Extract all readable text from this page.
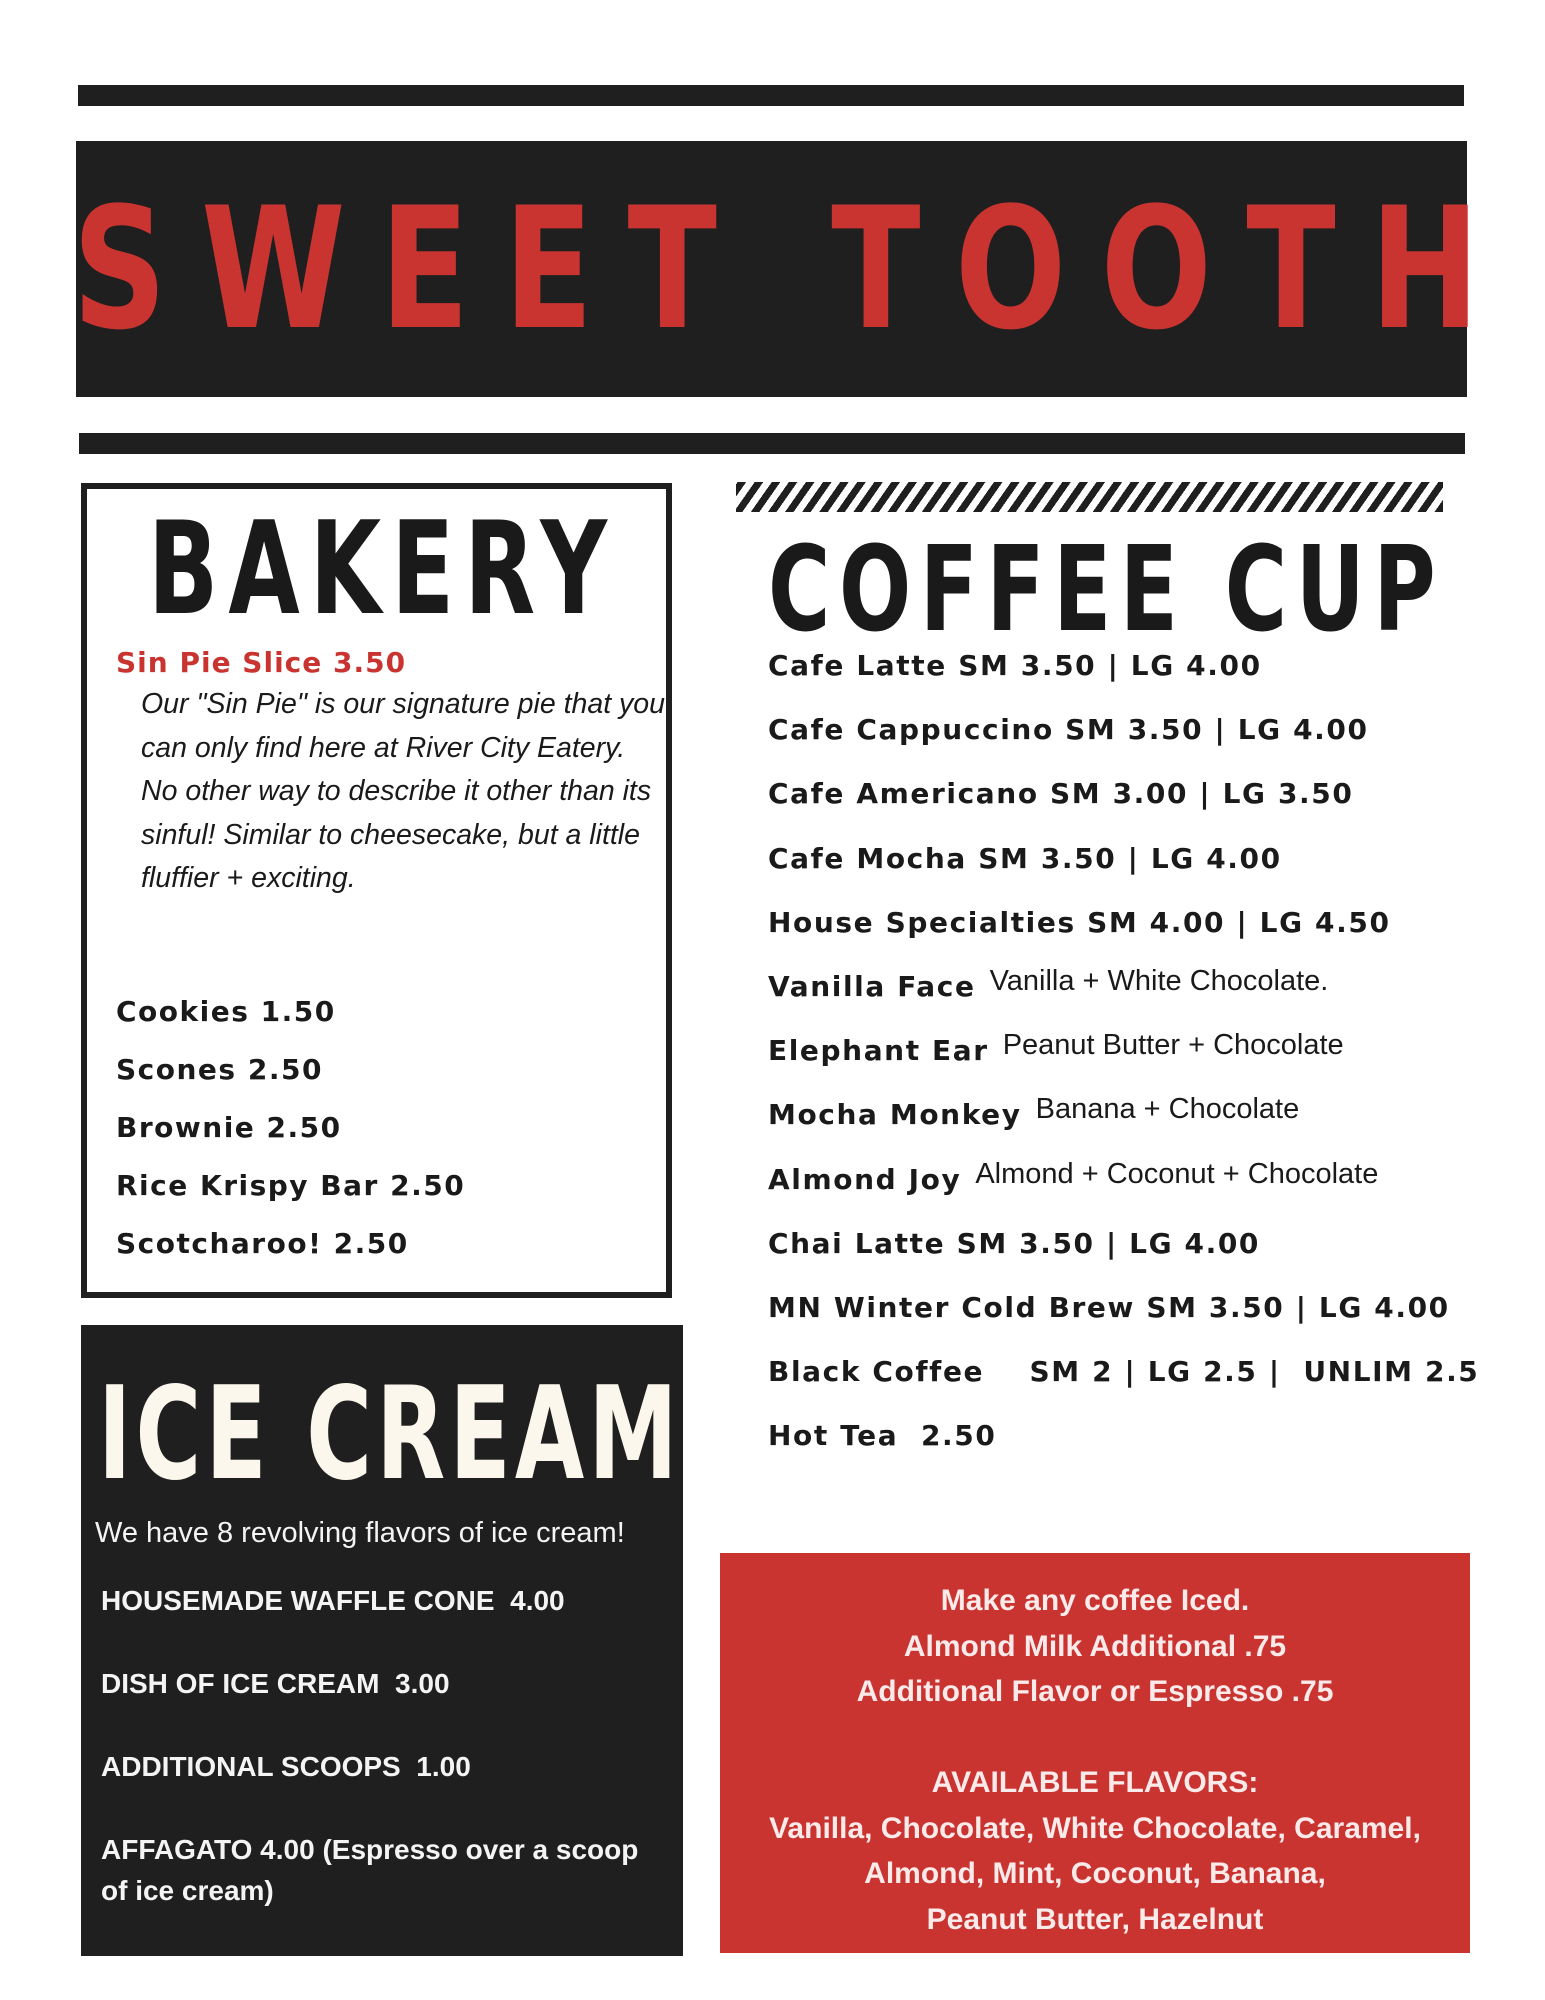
SWEET TOOTH
BAKERY
Sin Pie Slice 3.50
Our "Sin Pie" is our signature pie that you can only find here at River City Eatery. No other way to describe it other than its sinful! Similar to cheesecake, but a little fluffier + exciting.
Cookies 1.50
Scones 2.50
Brownie 2.50
Rice Krispy Bar 2.50
Scotcharoo! 2.50
COFFEE CUP
Cafe Latte SM 3.50 | LG 4.00
Cafe Cappuccino SM 3.50 | LG 4.00
Cafe Americano SM 3.00 | LG 3.50
Cafe Mocha SM 3.50 | LG 4.00
House Specialties SM 4.00 | LG 4.50
Vanilla Face Vanilla + White Chocolate.
Elephant Ear Peanut Butter + Chocolate
Mocha Monkey Banana + Chocolate
Almond Joy Almond + Coconut + Chocolate
Chai Latte SM 3.50 | LG 4.00
MN Winter Cold Brew SM 3.50 | LG 4.00
Black Coffee    SM 2 | LG 2.5 |  UNLIM 2.5
Hot Tea  2.50
ICE CREAM
We have 8 revolving flavors of ice cream!
HOUSEMADE WAFFLE CONE  4.00
DISH OF ICE CREAM  3.00
ADDITIONAL SCOOPS  1.00
AFFAGATO 4.00 (Espresso over a scoop of ice cream)
Make any coffee Iced.
Almond Milk Additional .75
Additional Flavor or Espresso .75
AVAILABLE FLAVORS:
Vanilla, Chocolate, White Chocolate, Caramel,
Almond, Mint, Coconut, Banana,
Peanut Butter, Hazelnut
